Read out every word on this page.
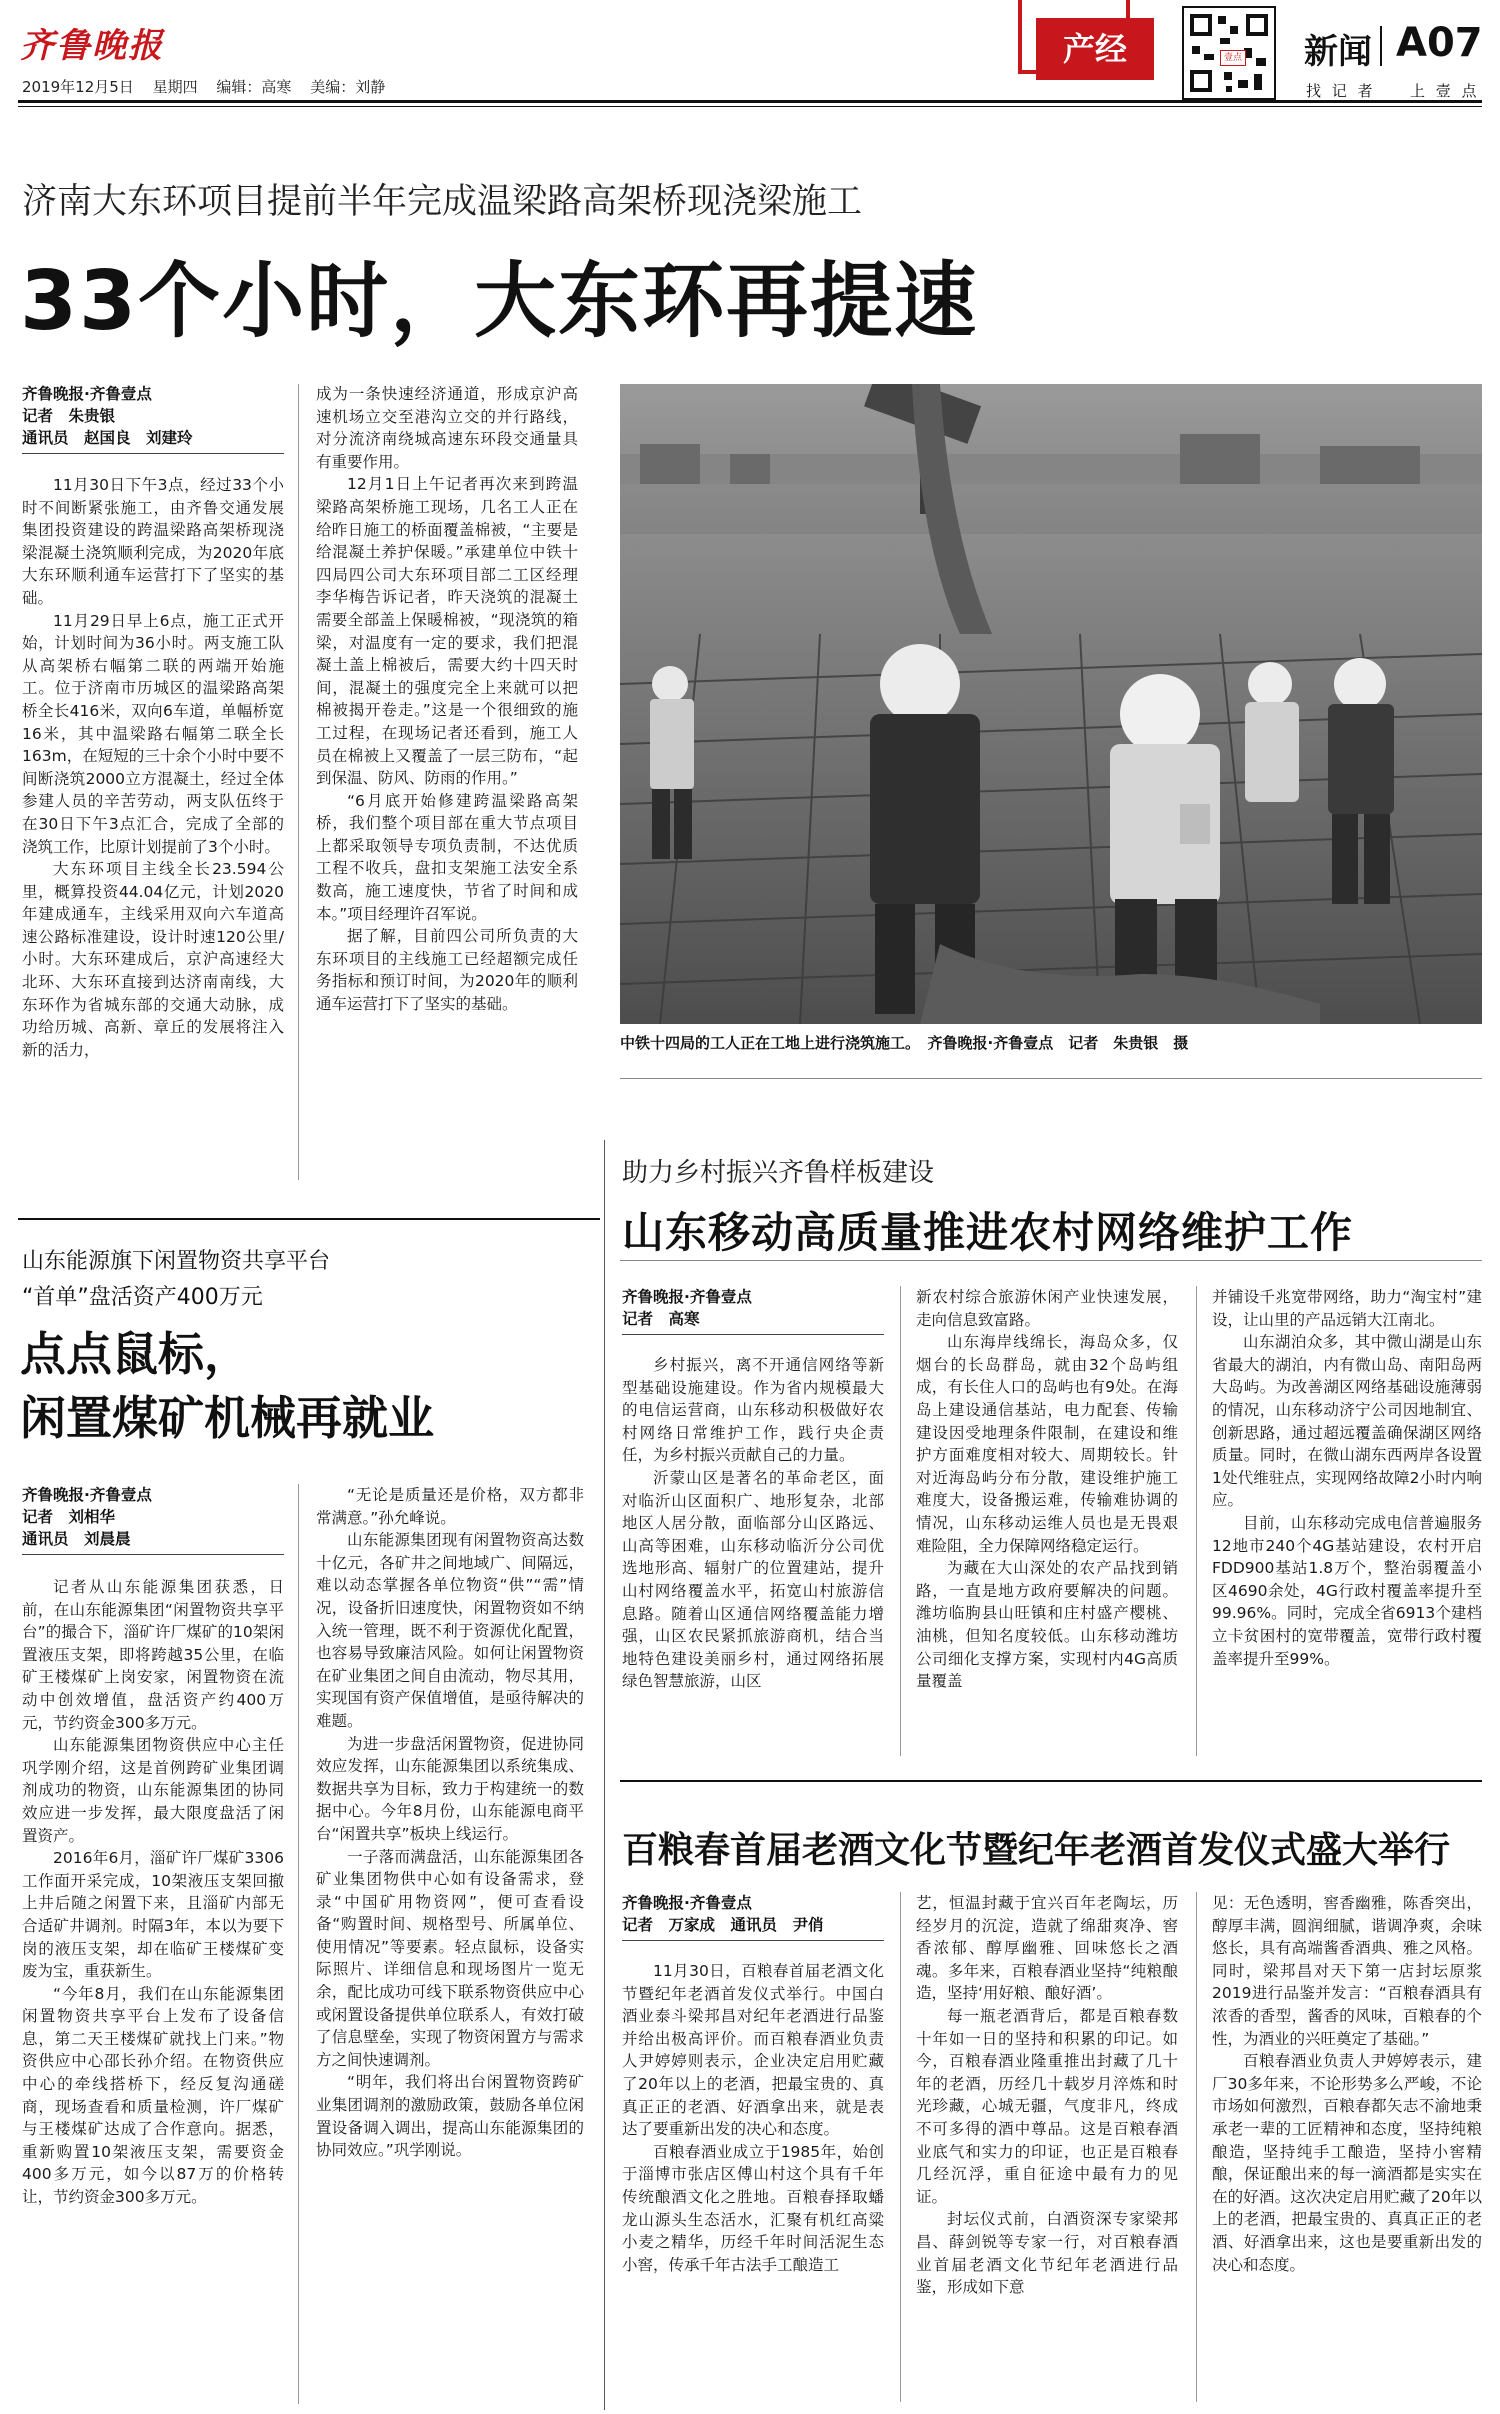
齐鲁晚报
2019年12月5日 星期四 编辑：高寒 美编：刘静
产经	壹点 新闻 A07
找 记 者 上 壹 点
济南大东环项目提前半年完成温梁路高架桥现浇梁施工
33个小时，大东环再提速
齐鲁晚报·齐鲁壹点
记者　朱贵银
通讯员　赵国良　刘建玲

11月30日下午3点，经过33个小时不间断紧张施工，由齐鲁交通发展集团投资建设的跨温梁路高架桥现浇梁混凝土浇筑顺利完成，为2020年底大东环顺利通车运营打下了坚实的基础。

11月29日早上6点，施工正式开始，计划时间为36小时。两支施工队从高架桥右幅第二联的两端开始施工。位于济南市历城区的温梁路高架桥全长416米，双向6车道，单幅桥宽16米，其中温梁路右幅第二联全长163m，在短短的三十余个小时中要不间断浇筑2000立方混凝土，经过全体参建人员的辛苦劳动，两支队伍终于在30日下午3点汇合，完成了全部的浇筑工作，比原计划提前了3个小时。

大东环项目主线全长23.594公里，概算投资44.04亿元，计划2020年建成通车，主线采用双向六车道高速公路标准建设，设计时速120公里/小时。大东环建成后，京沪高速经大北环、大东环直接到达济南南线，大东环作为省城东部的交通大动脉，成功给历城、高新、章丘的发展将注入新的活力，

成为一条快速经济通道，形成京沪高速机场立交至港沟立交的并行路线，对分流济南绕城高速东环段交通量具有重要作用。

12月1日上午记者再次来到跨温梁路高架桥施工现场，几名工人正在给昨日施工的桥面覆盖棉被，“主要是给混凝土养护保暖。”承建单位中铁十四局四公司大东环项目部二工区经理李华梅告诉记者，昨天浇筑的混凝土需要全部盖上保暖棉被，“现浇筑的箱梁，对温度有一定的要求，我们把混凝土盖上棉被后，需要大约十四天时间，混凝土的强度完全上来就可以把棉被揭开卷走。”这是一个很细致的施工过程，在现场记者还看到，施工人员在棉被上又覆盖了一层三防布，“起到保温、防风、防雨的作用。”

“6月底开始修建跨温梁路高架桥，我们整个项目部在重大节点项目上都采取领导专项负责制，不达优质工程不收兵，盘扣支架施工法安全系数高，施工速度快，节省了时间和成本。”项目经理许召军说。

据了解，目前四公司所负责的大东环项目的主线施工已经超额完成任务指标和预订时间，为2020年的顺利通车运营打下了坚实的基础。

中铁十四局的工人正在工地上进行浇筑施工。　齐鲁晚报·齐鲁壹点　记者　朱贵银　摄
助力乡村振兴齐鲁样板建设
山东移动高质量推进农村网络维护工作
齐鲁晚报·齐鲁壹点
记者　高寒

乡村振兴，离不开通信网络等新型基础设施建设。作为省内规模最大的电信运营商，山东移动积极做好农村网络日常维护工作，践行央企责任，为乡村振兴贡献自己的力量。

沂蒙山区是著名的革命老区，面对临沂山区面积广、地形复杂，北部地区人居分散，面临部分山区路远、山高等困难，山东移动临沂分公司优选地形高、辐射广的位置建站，提升山村网络覆盖水平，拓宽山村旅游信息路。随着山区通信网络覆盖能力增强，山区农民紧抓旅游商机，结合当地特色建设美丽乡村，通过网络拓展绿色智慧旅游，山区

新农村综合旅游休闲产业快速发展，走向信息致富路。

山东海岸线绵长，海岛众多，仅烟台的长岛群岛，就由32个岛屿组成，有长住人口的岛屿也有9处。在海岛上建设通信基站，电力配套、传输建设因受地理条件限制，在建设和维护方面难度相对较大、周期较长。针对近海岛屿分布分散，建设维护施工难度大，设备搬运难，传输难协调的情况，山东移动运维人员也是无畏艰难险阻，全力保障网络稳定运行。

为藏在大山深处的农产品找到销路，一直是地方政府要解决的问题。潍坊临朐县山旺镇和庄村盛产樱桃、油桃，但知名度较低。山东移动潍坊公司细化支撑方案，实现村内4G高质量覆盖

并铺设千兆宽带网络，助力“淘宝村”建设，让山里的产品远销大江南北。

山东湖泊众多，其中微山湖是山东省最大的湖泊，内有微山岛、南阳岛两大岛屿。为改善湖区网络基础设施薄弱的情况，山东移动济宁公司因地制宜、创新思路，通过超远覆盖确保湖区网络质量。同时，在微山湖东西两岸各设置1处代维驻点，实现网络故障2小时内响应。

目前，山东移动完成电信普遍服务12地市240个4G基站建设，农村开启FDD900基站1.8万个，整治弱覆盖小区4690余处，4G行政村覆盖率提升至99.96%。同时，完成全省6913个建档立卡贫困村的宽带覆盖，宽带行政村覆盖率提升至99%。

山东能源旗下闲置物资共享平台
“首单”盘活资产400万元
点点鼠标，
闲置煤矿机械再就业
齐鲁晚报·齐鲁壹点
记者　刘相华
通讯员　刘晨晨

记者从山东能源集团获悉，日前，在山东能源集团“闲置物资共享平台”的撮合下，淄矿许厂煤矿的10架闲置液压支架，即将跨越35公里，在临矿王楼煤矿上岗安家，闲置物资在流动中创效增值，盘活资产约400万元，节约资金300多万元。

山东能源集团物资供应中心主任巩学刚介绍，这是首例跨矿业集团调剂成功的物资，山东能源集团的协同效应进一步发挥，最大限度盘活了闲置资产。

2016年6月，淄矿许厂煤矿3306工作面开采完成，10架液压支架回撤上井后随之闲置下来，且淄矿内部无合适矿井调剂。时隔3年，本以为要下岗的液压支架，却在临矿王楼煤矿变废为宝，重获新生。

“今年8月，我们在山东能源集团闲置物资共享平台上发布了设备信息，第二天王楼煤矿就找上门来。”物资供应中心邵长孙介绍。在物资供应中心的牵线搭桥下，经反复沟通磋商，现场查看和质量检测，许厂煤矿与王楼煤矿达成了合作意向。据悉，重新购置10架液压支架，需要资金400多万元，如今以87万的价格转让，节约资金300多万元。

“无论是质量还是价格，双方都非常满意。”孙允峰说。

山东能源集团现有闲置物资高达数十亿元，各矿井之间地域广、间隔远，难以动态掌握各单位物资“供”“需”情况，设备折旧速度快，闲置物资如不纳入统一管理，既不利于资源优化配置，也容易导致廉洁风险。如何让闲置物资在矿业集团之间自由流动，物尽其用，实现国有资产保值增值，是亟待解决的难题。

为进一步盘活闲置物资，促进协同效应发挥，山东能源集团以系统集成、数据共享为目标，致力于构建统一的数据中心。今年8月份，山东能源电商平台“闲置共享”板块上线运行。

一子落而满盘活，山东能源集团各矿业集团物供中心如有设备需求，登录“中国矿用物资网”，便可查看设备“购置时间、规格型号、所属单位、使用情况”等要素。轻点鼠标，设备实际照片、详细信息和现场图片一览无余，配比成功可线下联系物资供应中心或闲置设备提供单位联系人，有效打破了信息壁垒，实现了物资闲置方与需求方之间快速调剂。

“明年，我们将出台闲置物资跨矿业集团调剂的激励政策，鼓励各单位闲置设备调入调出，提高山东能源集团的协同效应。”巩学刚说。

百粮春首届老酒文化节暨纪年老酒首发仪式盛大举行
齐鲁晚报·齐鲁壹点
记者　万家成　通讯员　尹俏

11月30日，百粮春首届老酒文化节暨纪年老酒首发仪式举行。中国白酒业泰斗梁邦昌对纪年老酒进行品鉴并给出极高评价。而百粮春酒业负责人尹婷婷则表示，企业决定启用贮藏了20年以上的老酒，把最宝贵的、真真正正的老酒、好酒拿出来，就是表达了要重新出发的决心和态度。

百粮春酒业成立于1985年，始创于淄博市张店区傅山村这个具有千年传统酿酒文化之胜地。百粮春择取蟠龙山源头生态活水，汇聚有机红高粱小麦之精华，历经千年时间活泥生态小窖，传承千年古法手工酿造工

艺，恒温封藏于宜兴百年老陶坛，历经岁月的沉淀，造就了绵甜爽净、窖香浓郁、醇厚幽雅、回味悠长之酒魂。多年来，百粮春酒业坚持“纯粮酿造，坚持‘用好粮、酿好酒’。

每一瓶老酒背后，都是百粮春数十年如一日的坚持和积累的印记。如今，百粮春酒业隆重推出封藏了几十年的老酒，历经几十载岁月淬炼和时光珍藏，心城无疆，气度非凡，终成不可多得的酒中尊品。这是百粮春酒业底气和实力的印证，也正是百粮春几经沉浮，重自征途中最有力的见证。

封坛仪式前，白酒资深专家梁邦昌、薛剑锐等专家一行，对百粮春酒业首届老酒文化节纪年老酒进行品鉴，形成如下意

见：无色透明，窖香幽雅，陈香突出，醇厚丰满，圆润细腻，谐调净爽，余味悠长，具有高端酱香酒典、雅之风格。同时，梁邦昌对天下第一店封坛原浆2019进行品鉴并发言：“百粮春酒具有浓香的香型，酱香的风味，百粮春的个性，为酒业的兴旺奠定了基础。”

百粮春酒业负责人尹婷婷表示，建厂30多年来，不论形势多么严峻，不论市场如何激烈，百粮春都矢志不渝地秉承老一辈的工匠精神和态度，坚持纯粮酿造，坚持纯手工酿造，坚持小窖精酿，保证酿出来的每一滴酒都是实实在在的好酒。这次决定启用贮藏了20年以上的老酒，把最宝贵的、真真正正的老酒、好酒拿出来，这也是要重新出发的决心和态度。
